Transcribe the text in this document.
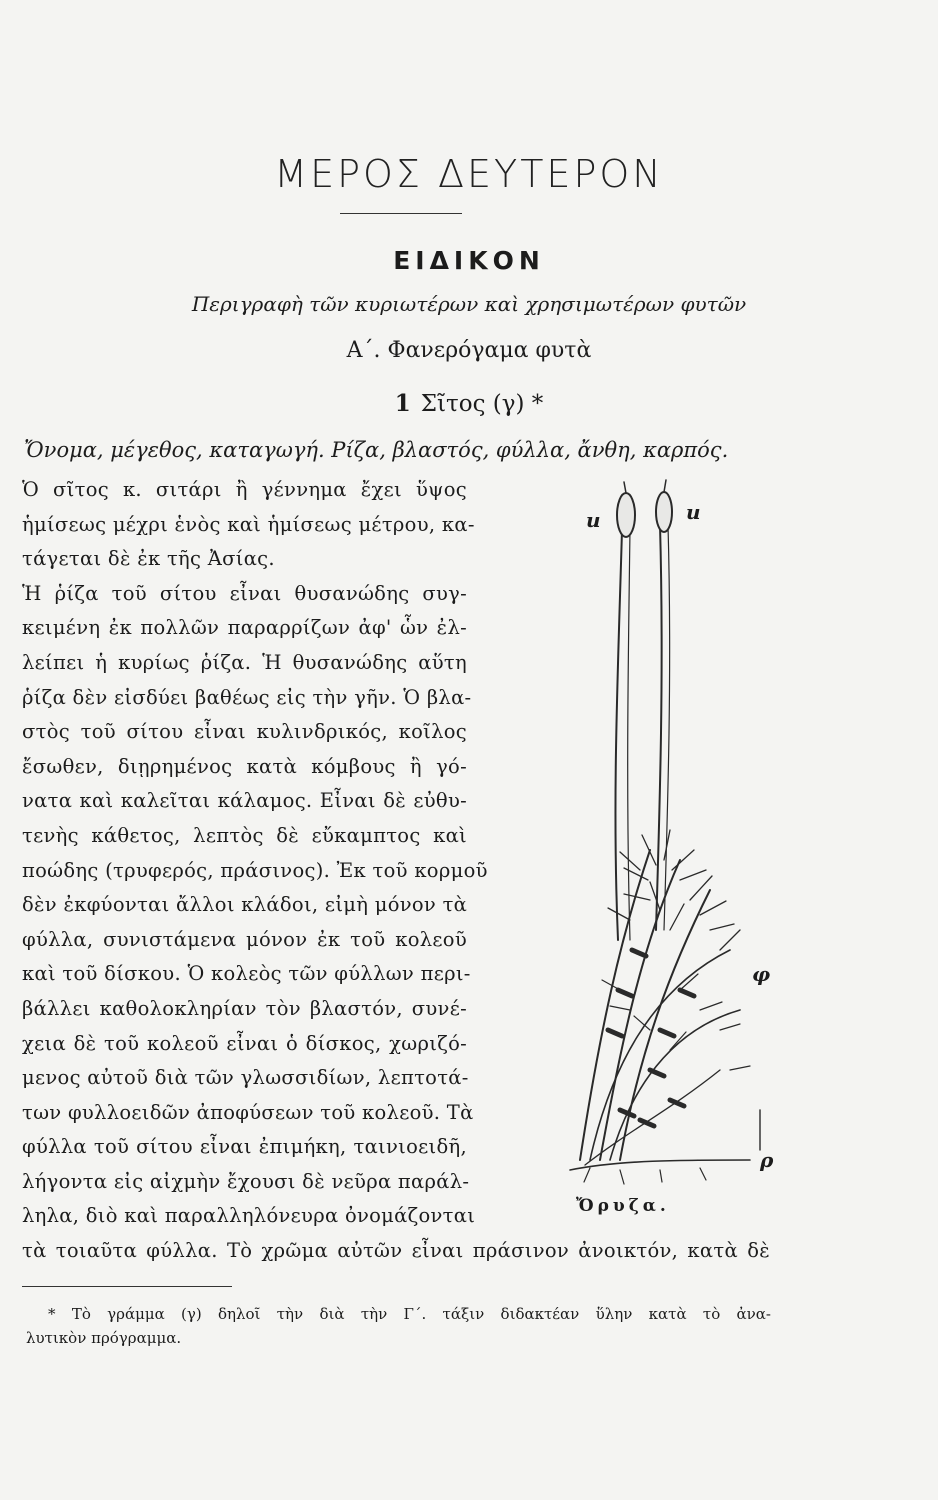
ΜΕΡΟΣ ΔΕΥΤΕΡΟΝ
ΕΙΔΙΚΟΝ
Περιγραφὴ τῶν κυριωτέρων καὶ χρησιμωτέρων φυτῶν
Α΄. Φανερόγαμα φυτὰ
1 Σῖτος (γ) *
Ὄνομα, μέγεθος, καταγωγή. Ρίζα, βλαστός, φύλλα, ἄνθη, καρπός.
Ὁ σῖτος κ. σιτάρι ἢ γέννημα ἔχει ὕψος
ἡμίσεως μέχρι ἑνὸς καὶ ἡμίσεως μέτρου, κα-
τάγεται δὲ ἐκ τῆς Ἀσίας.
Ἡ ῥίζα τοῦ σίτου εἶναι θυσανώδης συγ-
κειμένη ἐκ πολλῶν παραρρίζων ἀφ' ὧν ἐλ-
λείπει ἡ κυρίως ῥίζα. Ἡ θυσανώδης αὕτη
ῥίζα δὲν εἰσδύει βαθέως εἰς τὴν γῆν. Ὁ βλα-
στὸς τοῦ σίτου εἶναι κυλινδρικός, κοῖλος
ἔσωθεν, διῃρημένος κατὰ κόμβους ἢ γό-
νατα καὶ καλεῖται κάλαμος. Εἶναι δὲ εὐθυ-
τενὴς κάθετος, λεπτὸς δὲ εὔκαμπτος καὶ
ποώδης (τρυφερός, πράσινος). Ἐκ τοῦ κορμοῦ
δὲν ἐκφύονται ἄλλοι κλάδοι, εἰμὴ μόνον τὰ
φύλλα, συνιστάμενα μόνον ἐκ τοῦ κολεοῦ
καὶ τοῦ δίσκου. Ὁ κολεὸς τῶν φύλλων περι-
βάλλει καθολοκληρίαν τὸν βλαστόν, συνέ-
χεια δὲ τοῦ κολεοῦ εἶναι ὁ δίσκος, χωριζό-
μενος αὐτοῦ διὰ τῶν γλωσσιδίων, λεπτοτά-
των φυλλοειδῶν ἀποφύσεων τοῦ κολεοῦ. Τὰ
φύλλα τοῦ σίτου εἶναι ἐπιμήκη, ταινιοειδῆ,
λήγοντα εἰς αἰχμὴν ἔχουσι δὲ νεῦρα παράλ-
ληλα, διὸ καὶ παραλληλόνευρα ὀνομάζονται
τὰ τοιαῦτα φύλλα. Τὸ χρῶμα αὐτῶν εἶναι πράσινον ἀνοικτόν, κατὰ δὲ
u	u
φ
ρ
Ὄρυζα.
* Τὸ γράμμα (γ) δηλοῖ τὴν διὰ τὴν Γ΄. τάξιν διδακτέαν ὕλην κατὰ τὸ ἀνα-
λυτικὸν πρόγραμμα.
